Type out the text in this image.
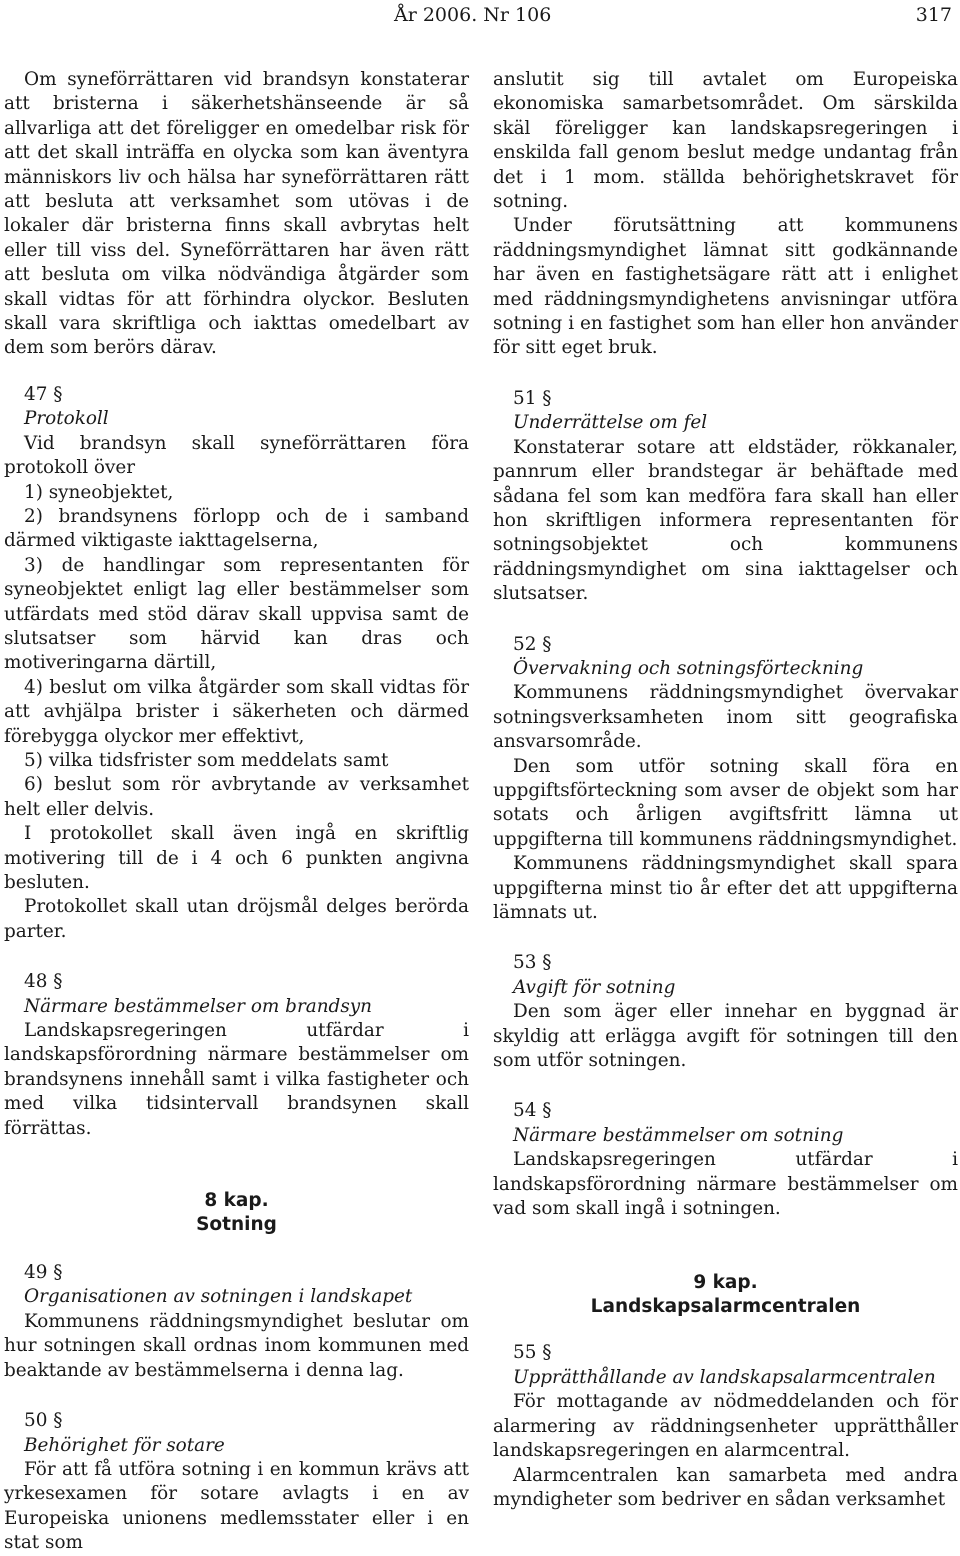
År 2006. Nr 106	317

Om syneförrättaren vid brandsyn konstaterar att bristerna i säkerhetshänseende är så allvarliga att det föreligger en omedelbar risk för att det skall inträffa en olycka som kan äventyra människors liv och hälsa har syneförrättaren rätt att besluta att verksamhet som utövas i de lokaler där bristerna finns skall avbrytas helt eller till viss del. Syneförrättaren har även rätt att besluta om vilka nödvändiga åtgärder som skall vidtas för att förhindra olyckor. Besluten skall vara skriftliga och iakttas omedelbart av dem som berörs därav.

47 §

Protokoll

Vid brandsyn skall syneförrättaren föra protokoll över

1) syneobjektet,

2) brandsynens förlopp och de i samband därmed viktigaste iakttagelserna,

3) de handlingar som representanten för syneobjektet enligt lag eller bestämmelser som utfärdats med stöd därav skall uppvisa samt de slutsatser som härvid kan dras och motiveringarna därtill,

4) beslut om vilka åtgärder som skall vidtas för att avhjälpa brister i säkerheten och därmed förebygga olyckor mer effektivt,

5) vilka tidsfrister som meddelats samt

6) beslut som rör avbrytande av verksamhet helt eller delvis.

I protokollet skall även ingå en skriftlig motivering till de i 4 och 6 punkten angivna besluten.

Protokollet skall utan dröjsmål delges berörda parter.

48 §

Närmare bestämmelser om brandsyn

Landskapsregeringen utfärdar i landskapsförordning närmare bestämmelser om brandsynens innehåll samt i vilka fastigheter och med vilka tidsintervall brandsynen skall förrättas.

8 kap.
Sotning

49 §

Organisationen av sotningen i landskapet

Kommunens räddningsmyndighet beslutar om hur sotningen skall ordnas inom kommunen med beaktande av bestämmelserna i denna lag.

50 §

Behörighet för sotare

För att få utföra sotning i en kommun krävs att yrkesexamen för sotare avlagts i en av Europeiska unionens medlemsstater eller i en stat som

anslutit sig till avtalet om Europeiska ekonomiska samarbetsområdet. Om särskilda skäl föreligger kan landskapsregeringen i enskilda fall genom beslut medge undantag från det i 1 mom. ställda behörighetskravet för sotning.

Under förutsättning att kommunens räddningsmyndighet lämnat sitt godkännande har även en fastighetsägare rätt att i enlighet med räddningsmyndighetens anvisningar utföra sotning i en fastighet som han eller hon använder för sitt eget bruk.

51 §

Underrättelse om fel

Konstaterar sotare att eldstäder, rökkanaler, pannrum eller brandstegar är behäftade med sådana fel som kan medföra fara skall han eller hon skriftligen informera representanten för sotningsobjektet och kommunens räddningsmyndighet om sina iakttagelser och slutsatser.

52 §

Övervakning och sotningsförteckning

Kommunens räddningsmyndighet övervakar sotningsverksamheten inom sitt geografiska ansvarsområde.

Den som utför sotning skall föra en uppgiftsförteckning som avser de objekt som har sotats och årligen avgiftsfritt lämna ut uppgifterna till kommunens räddningsmyndighet.

Kommunens räddningsmyndighet skall spara uppgifterna minst tio år efter det att uppgifterna lämnats ut.

53 §

Avgift för sotning

Den som äger eller innehar en byggnad är skyldig att erlägga avgift för sotningen till den som utför sotningen.

54 §

Närmare bestämmelser om sotning

Landskapsregeringen utfärdar i landskapsförordning närmare bestämmelser om vad som skall ingå i sotningen.

9 kap.
Landskapsalarmcentralen

55 §

Upprätthållande av landskapsalarmcentralen

För mottagande av nödmeddelanden och för alarmering av räddningsenheter upprätthåller landskapsregeringen en alarmcentral.

Alarmcentralen kan samarbeta med andra myndigheter som bedriver en sådan verksamhet
